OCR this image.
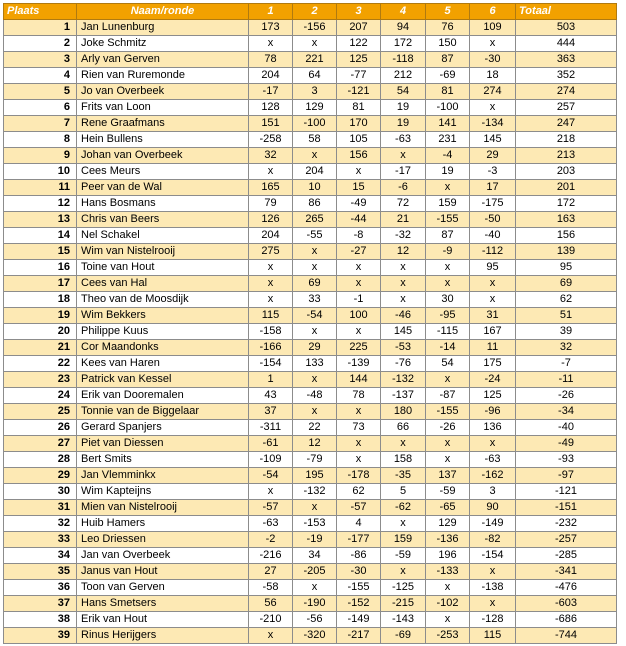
Plaats	Naam/ronde	1	2	3	4	5	6	Totaal
1	Jan Lunenburg	173	-156	207	94	76	109	503
2	Joke Schmitz	x	x	122	172	150	x	444
3	Arly van Gerven	78	221	125	-118	87	-30	363
4	Rien van Ruremonde	204	64	-77	212	-69	18	352
5	Jo van Overbeek	-17	3	-121	54	81	274	274
6	Frits van Loon	128	129	81	19	-100	x	257
7	Rene Graafmans	151	-100	170	19	141	-134	247
8	Hein Bullens	-258	58	105	-63	231	145	218
9	Johan van Overbeek	32	x	156	x	-4	29	213
10	Cees Meurs	x	204	x	-17	19	-3	203
11	Peer van de Wal	165	10	15	-6	x	17	201
12	Hans Bosmans	79	86	-49	72	159	-175	172
13	Chris van Beers	126	265	-44	21	-155	-50	163
14	Nel Schakel	204	-55	-8	-32	87	-40	156
15	Wim van Nistelrooij	275	x	-27	12	-9	-112	139
16	Toine van Hout	x	x	x	x	x	95	95
17	Cees van Hal	x	69	x	x	x	x	69
18	Theo van de Moosdijk	x	33	-1	x	30	x	62
19	Wim Bekkers	115	-54	100	-46	-95	31	51
20	Philippe Kuus	-158	x	x	145	-115	167	39
21	Cor Maandonks	-166	29	225	-53	-14	11	32
22	Kees van Haren	-154	133	-139	-76	54	175	-7
23	Patrick van Kessel	1	x	144	-132	x	-24	-11
24	Erik van Dooremalen	43	-48	78	-137	-87	125	-26
25	Tonnie van de Biggelaar	37	x	x	180	-155	-96	-34
26	Gerard Spanjers	-311	22	73	66	-26	136	-40
27	Piet van Diessen	-61	12	x	x	x	x	-49
28	Bert Smits	-109	-79	x	158	x	-63	-93
29	Jan Vlemminkx	-54	195	-178	-35	137	-162	-97
30	Wim Kapteijns	x	-132	62	5	-59	3	-121
31	Mien van Nistelrooij	-57	x	-57	-62	-65	90	-151
32	Huib Hamers	-63	-153	4	x	129	-149	-232
33	Leo Driessen	-2	-19	-177	159	-136	-82	-257
34	Jan van Overbeek	-216	34	-86	-59	196	-154	-285
35	Janus van Hout	27	-205	-30	x	-133	x	-341
36	Toon van Gerven	-58	x	-155	-125	x	-138	-476
37	Hans Smetsers	56	-190	-152	-215	-102	x	-603
38	Erik van Hout	-210	-56	-149	-143	x	-128	-686
39	Rinus Herijgers	x	-320	-217	-69	-253	115	-744
